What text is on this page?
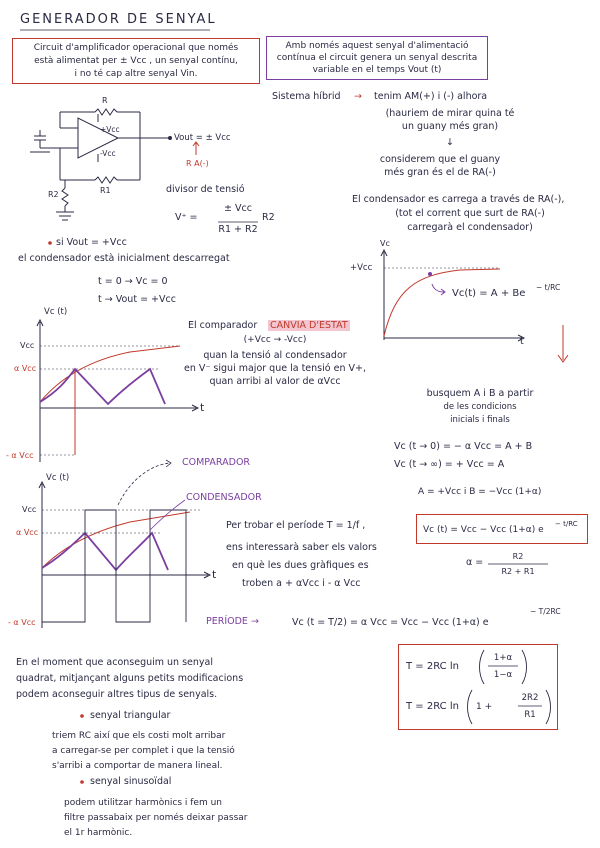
GENERADOR DE SENYAL
Circuit d'amplificador operacional que només
està alimentat per ± Vcc , un senyal contínu,
i no té cap altre senyal Vin.
Amb només aquest senyal d'alimentació
contínua el circuit genera un senyal descrita
variable en el temps Vout (t)
R
+Vcc
-Vcc
R1
R2
Vout = ± Vcc
R A(-)
Sistema híbrid → tenim AM(+) i (-) alhora
(hauriem de mirar quina té
un guany més gran)
↓
considerem que el guany
més gran és el de RA(-)
divisor de tensió
V⁺ =
± Vcc
R1 + R2
R2
El condensador es carrega a través de RA(-),
(tot el corrent que surt de RA(-)
carregarà el condensador)
si Vout = +Vcc
el condensador està inicialment descarregat
t = 0 → Vc = 0
t → Vout = +Vcc
Vc
+Vcc
t
Vc(t) = A + Be
− t/RC
Vc (t)
Vcc
α Vcc
- α Vcc
t
El comparador CANVIA D'ESTAT
(+Vcc → -Vcc)
quan la tensió al condensador
en V⁻ sigui major que la tensió en V+,
quan arribi al valor de αVcc
busquem A i B a partir
de les condicions
inicials i finals
Vc (t → 0) = − α Vcc = A + B
Vc (t → ∞) = + Vcc = A
A = +Vcc i B = −Vcc (1+α)
Vc (t)
Vcc
α Vcc
- α Vcc
t
COMPARADOR
CONDENSADOR
Per trobar el període T = 1/f ,
ens interessarà saber els valors
en què les dues gràfiques es
troben a + αVcc i - α Vcc
Vc (t) = Vcc − Vcc (1+α) e
− t/RC
α =
R2
R2 + R1
PERÍODE →	Vc (t = T/2) = α Vcc = Vcc − Vcc (1+α) e
− T/2RC
T = 2RC ln
1+α
1−α
T = 2RC ln 1 +
2R2
R1
En el moment que aconseguim un senyal
quadrat, mitjançant alguns petits modificacions
podem aconseguir altres tipus de senyals.
senyal triangular
triem RC així que els costi molt arribar
a carregar-se per complet i que la tensió
s'arribi a comportar de manera lineal.
senyal sinusoïdal
podem utilitzar harmònics i fem un
filtre passabaix per només deixar passar
el 1r harmònic.
